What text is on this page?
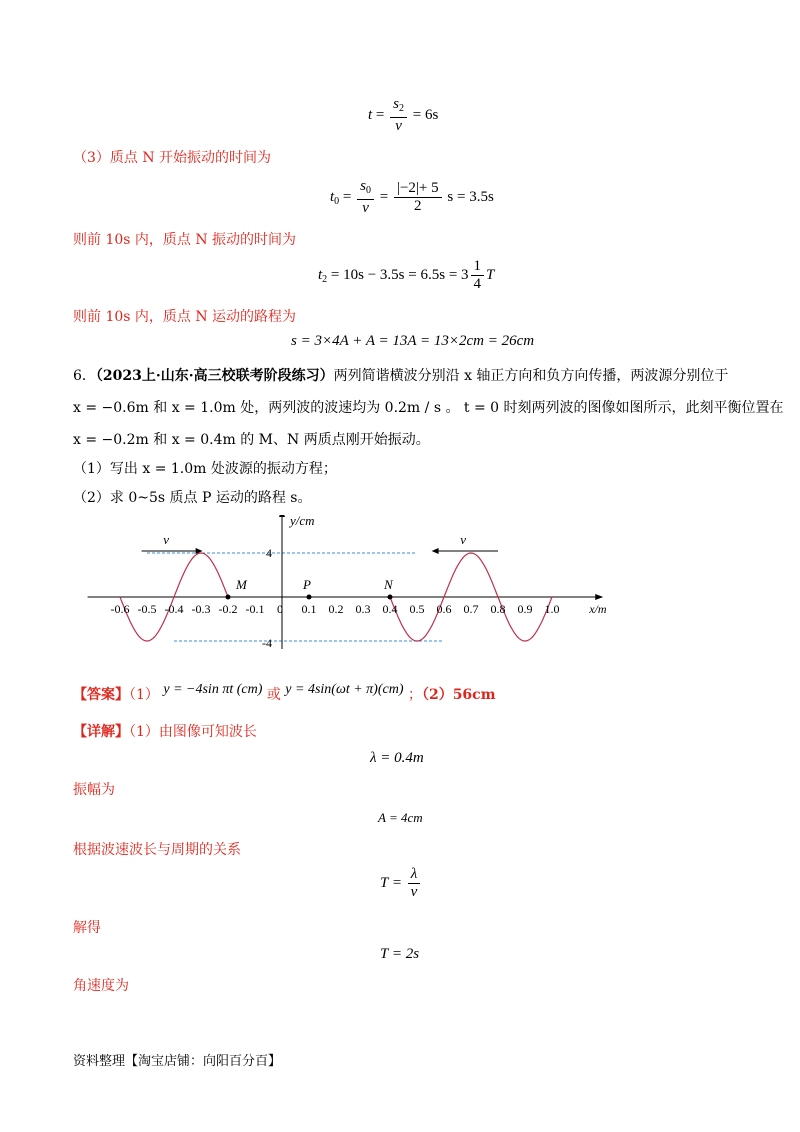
$t = \frac{s_2}{v} = 6s$
（3）质点 N 开始振动的时间为
$t_0 = \frac{s_0}{v} = \frac{|-2|+ 5}{2}$ s = 3.5s
则前 10s 内，质点 N 振动的时间为
$t_2 = 10s - 3.5s = 6.5s = 3 \frac{1}{4}$ T
则前 10s 内，质点 N 运动的路程为
s = 3×4A + A = 13A = 13×2cm = 26cm
6．（2023上·山东·高三校联考阶段练习）两列简谐横波分别沿 x 轴正方向和负方向传播，两波源分别位于
x = −0.6m 和 x = 1.0m 处，两列波的波速均为 0.2m / s 。 t = 0 时刻两列波的图像如图所示，此刻平衡位置在
x = −0.2m 和 x = 0.4m 的 M、N 两质点刚开始振动。
（1）写出 x = 1.0m 处波源的振动方程；
（2）求 0~5s 质点 P 运动的路程 s。
-0.6 -0.5 -0.4 -0.3 -0.2 -0.1 0 0.1 0.2 0.3 0.4 0.5 0.6 0.7 0.8 0.9 1.0
4
-4
y/cm
x/m
M	P	N
v	v
【答案】（1） y = −4sin πt (cm) 或 y = 4sin(ωt + π)(cm) ；（2）56cm
【详解】（1）由图像可知波长
λ = 0.4m
振幅为
A = 4cm
根据波速波长与周期的关系
$T = \frac{\lambda}{v}$
解得
T = 2s
角速度为
资料整理【淘宝店铺：向阳百分百】
